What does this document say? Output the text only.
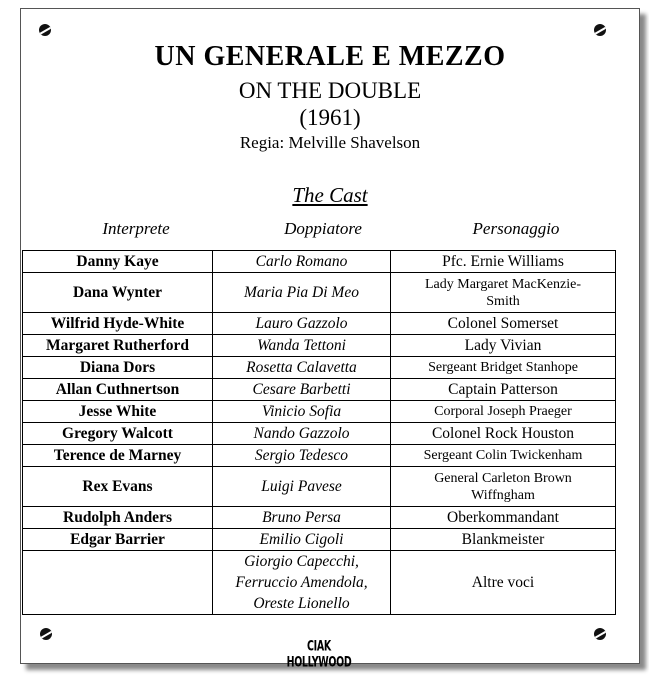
UN GENERALE E MEZZO
ON THE DOUBLE
(1961)
Regia: Melville Shavelson
The Cast
Interprete	Doppiatore	Personaggio
Danny Kaye	Carlo Romano	Pfc. Ernie Williams

Dana Wynter	Maria Pia Di Meo	Lady Margaret MacKenzie-
Smith

Wilfrid Hyde-White	Lauro Gazzolo	Colonel Somerset

Margaret Rutherford	Wanda Tettoni	Lady Vivian

Diana Dors	Rosetta Calavetta	Sergeant Bridget Stanhope

Allan Cuthnertson	Cesare Barbetti	Captain Patterson

Jesse White	Vinicio Sofia	Corporal Joseph Praeger

Gregory Walcott	Nando Gazzolo	Colonel Rock Houston

Terence de Marney	Sergio Tedesco	Sergeant Colin Twickenham

Rex Evans	Luigi Pavese	General Carleton Brown
Wiffngham

Rudolph Anders	Bruno Persa	Oberkommandant

Edgar Barrier	Emilio Cigoli	Blankmeister

	Giorgio Capecchi,
Ferruccio Amendola,
Oreste Lionello	Altre voci
CIAK HOLLYWOOD
